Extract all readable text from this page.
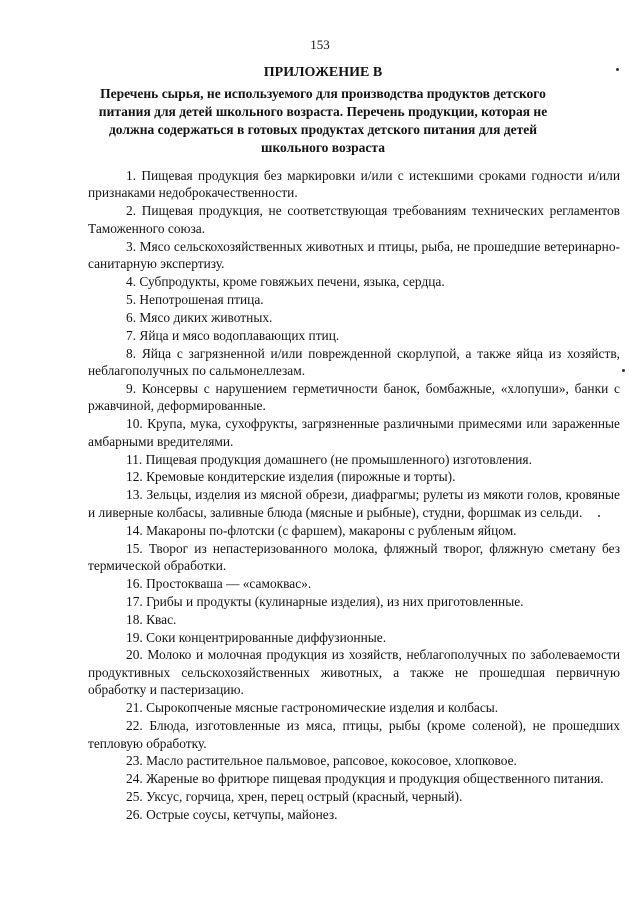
153

ПРИЛОЖЕНИЕ В

Перечень сырья, не используемого для производства продуктов детского питания для детей школьного возраста. Перечень продукции, которая не должна содержаться в готовых продуктах детского питания для детей школьного возраста

1. Пищевая продукция без маркировки и/или с истекшими сроками годности и/или признаками недоброкачественности.
2. Пищевая продукция, не соответствующая требованиям технических регламентов Таможенного союза.
3. Мясо сельскохозяйственных животных и птицы, рыба, не прошедшие ветеринарно-санитарную экспертизу.
4. Субпродукты, кроме говяжьих печени, языка, сердца.
5. Непотрошеная птица.
6. Мясо диких животных.
7. Яйца и мясо водоплавающих птиц.
8. Яйца с загрязненной и/или поврежденной скорлупой, а также яйца из хозяйств, неблагополучных по сальмонеллезам.
9. Консервы с нарушением герметичности банок, бомбажные, «хлопуши», банки с ржавчиной, деформированные.
10. Крупа, мука, сухофрукты, загрязненные различными примесями или зараженные амбарными вредителями.
11. Пищевая продукция домашнего (не промышленного) изготовления.
12. Кремовые кондитерские изделия (пирожные и торты).
13. Зельцы, изделия из мясной обрези, диафрагмы; рулеты из мякоти голов, кровяные и ливерные колбасы, заливные блюда (мясные и рыбные), студни, форшмак из сельди.
14. Макароны по-флотски (с фаршем), макароны с рубленым яйцом.
15. Творог из непастеризованного молока, фляжный творог, фляжную сметану без термической обработки.
16. Простокваша — «самоквас».
17. Грибы и продукты (кулинарные изделия), из них приготовленные.
18. Квас.
19. Соки концентрированные диффузионные.
20. Молоко и молочная продукция из хозяйств, неблагополучных по заболеваемости продуктивных сельскохозяйственных животных, а также не прошедшая первичную обработку и пастеризацию.
21. Сырокопченые мясные гастрономические изделия и колбасы.
22. Блюда, изготовленные из мяса, птицы, рыбы (кроме соленой), не прошедших тепловую обработку.
23. Масло растительное пальмовое, рапсовое, кокосовое, хлопковое.
24. Жареные во фритюре пищевая продукция и продукция общественного питания.
25. Уксус, горчица, хрен, перец острый (красный, черный).
26. Острые соусы, кетчупы, майонез.
